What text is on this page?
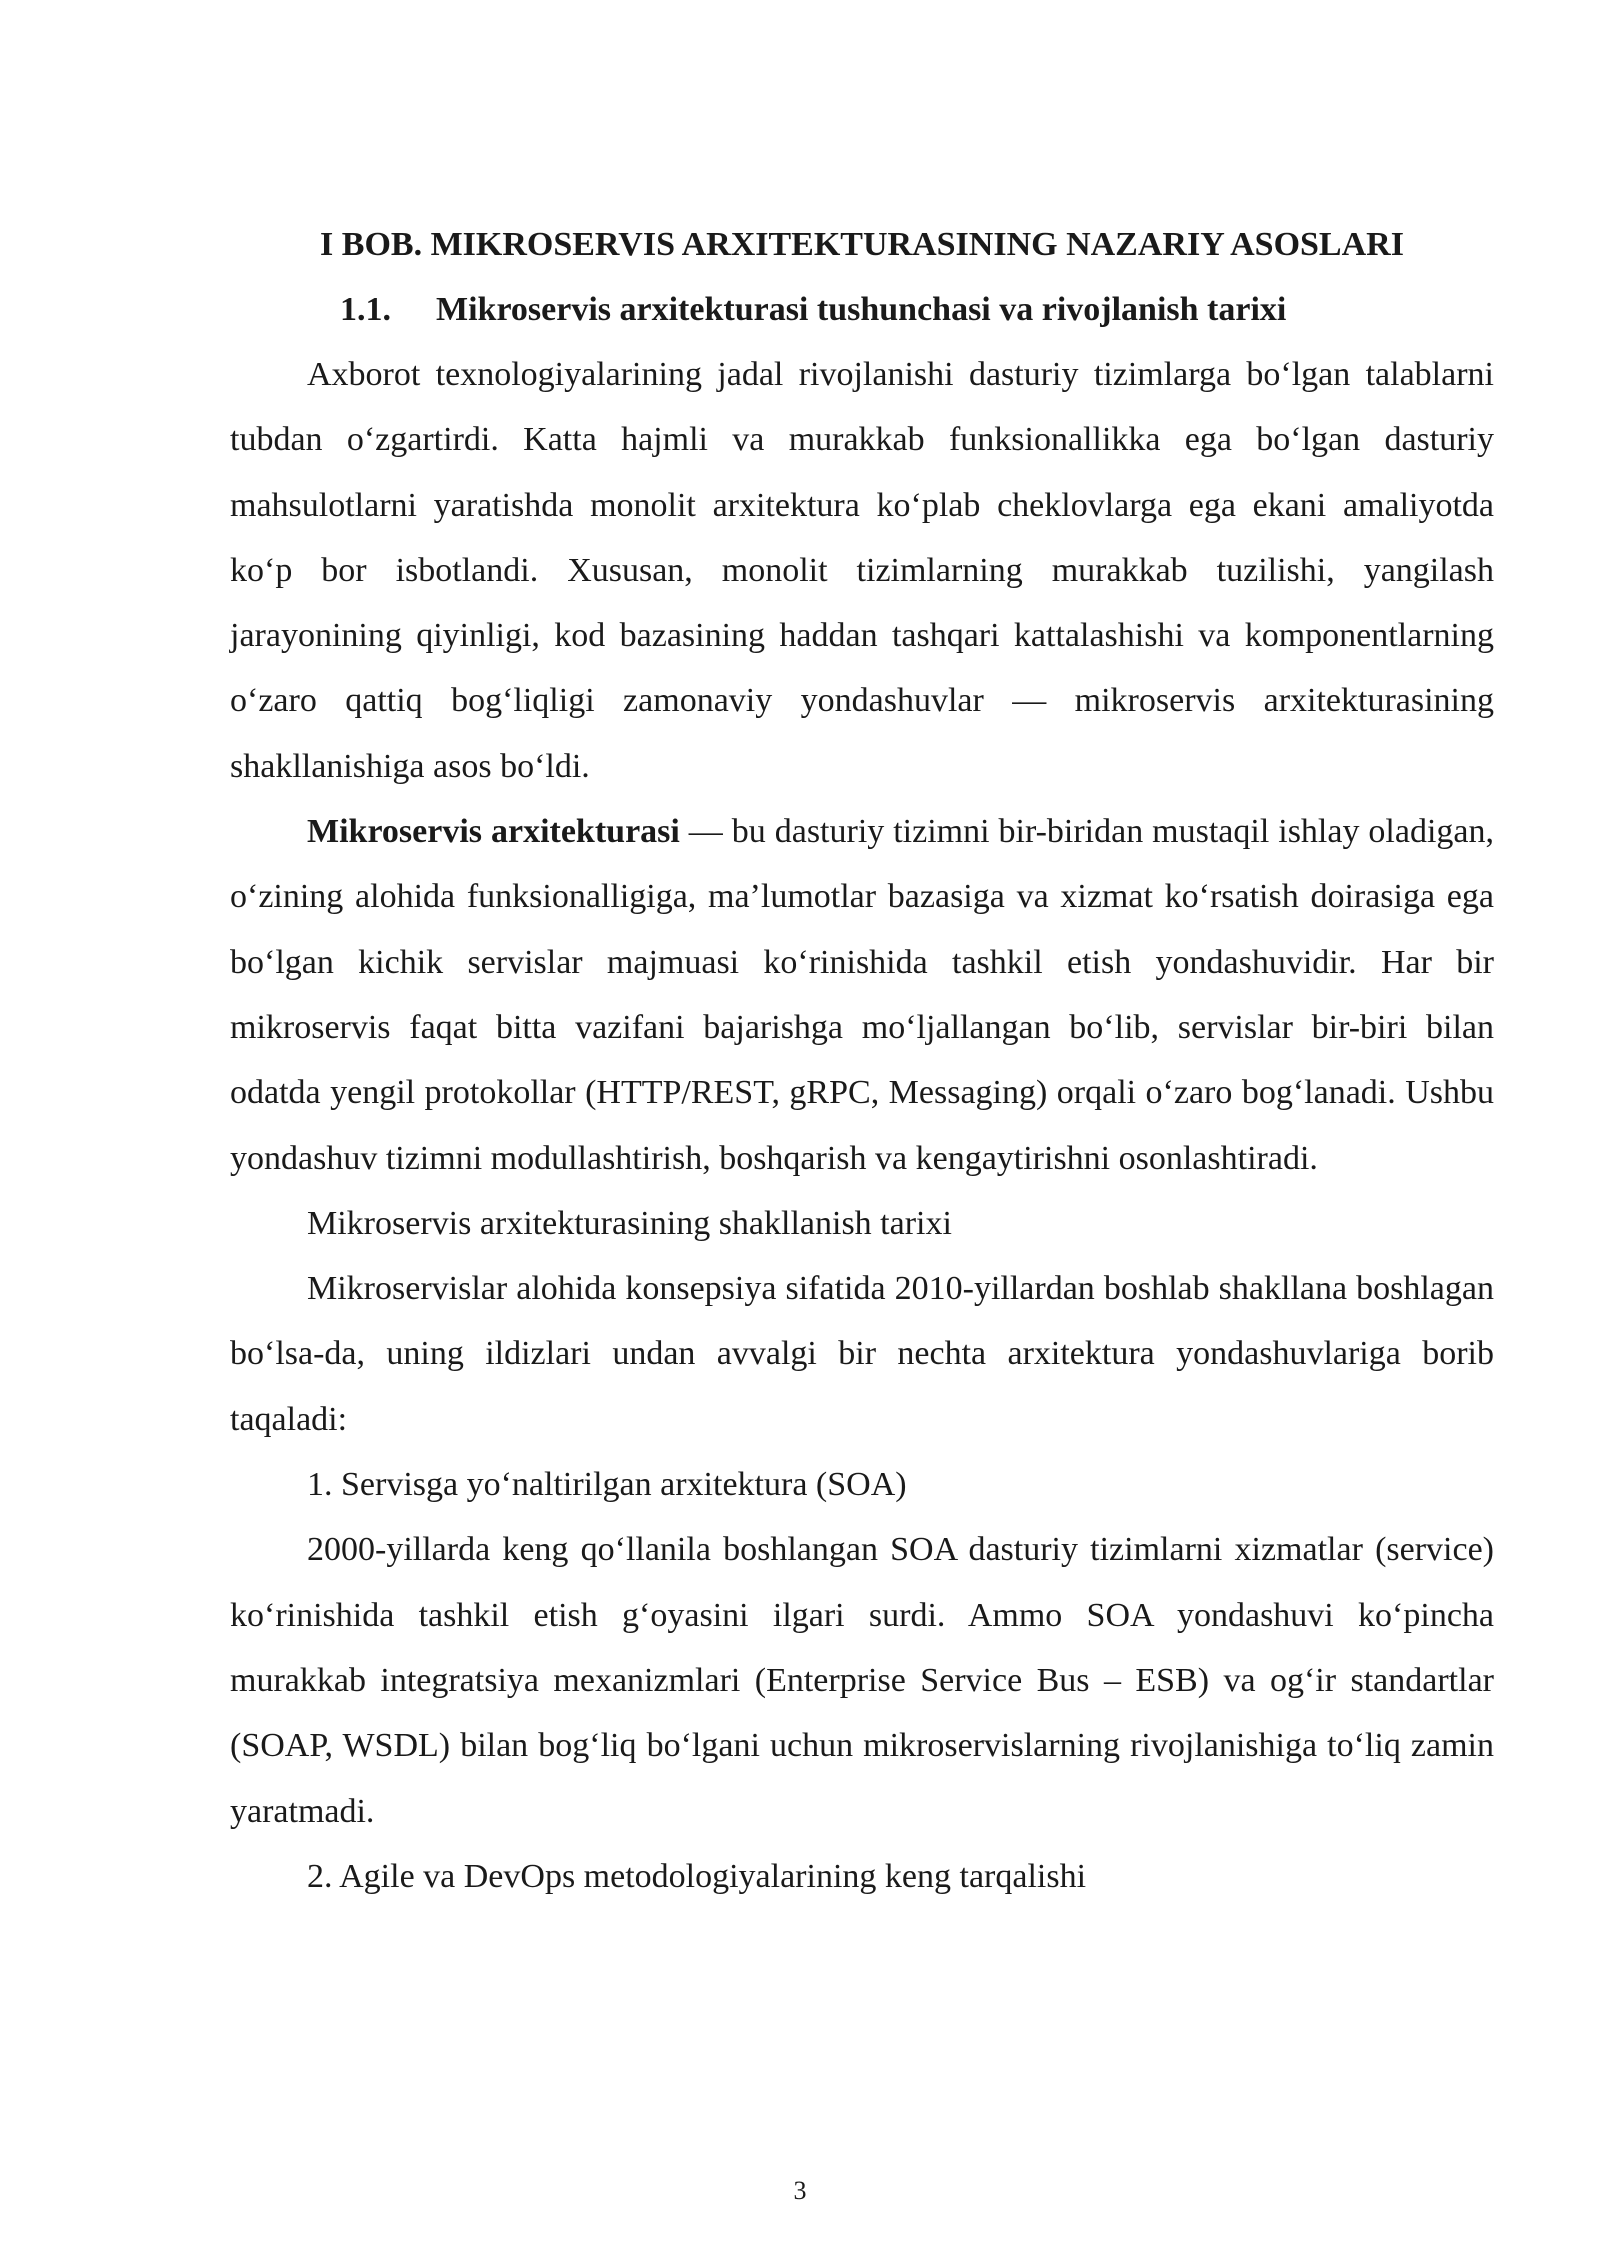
I BOB. MIKROSERVIS ARXITEKTURASINING NAZARIY ASOSLARI
1.1. Mikroservis arxitekturasi tushunchasi va rivojlanish tarixi

Axborot texnologiyalarining jadal rivojlanishi dasturiy tizimlarga bo‘lgan talablarni tubdan o‘zgartirdi. Katta hajmli va murakkab funksionallikka ega bo‘lgan dasturiy mahsulotlarni yaratishda monolit arxitektura ko‘plab cheklovlarga ega ekani amaliyotda ko‘p bor isbotlandi. Xususan, monolit tizimlarning murakkab tuzilishi, yangilash jarayonining qiyinligi, kod bazasining haddan tashqari kattalashishi va komponentlarning o‘zaro qattiq bog‘liqligi zamonaviy yondashuvlar — mikroservis arxitekturasining shakllanishiga asos bo‘ldi.

Mikroservis arxitekturasi — bu dasturiy tizimni bir-biridan mustaqil ishlay oladigan, o‘zining alohida funksionalligiga, ma’lumotlar bazasiga va xizmat ko‘rsatish doirasiga ega bo‘lgan kichik servislar majmuasi ko‘rinishida tashkil etish yondashuvidir. Har bir mikroservis faqat bitta vazifani bajarishga mo‘ljallangan bo‘lib, servislar bir-biri bilan odatda yengil protokollar (HTTP/REST, gRPC, Messaging) orqali o‘zaro bog‘lanadi. Ushbu yondashuv tizimni modullashtirish, boshqarish va kengaytirishni osonlashtiradi.

Mikroservis arxitekturasining shakllanish tarixi

Mikroservislar alohida konsepsiya sifatida 2010-yillardan boshlab shakllana boshlagan bo‘lsa-da, uning ildizlari undan avvalgi bir nechta arxitektura yondashuvlariga borib taqaladi:

1. Servisga yo‘naltirilgan arxitektura (SOA)

2000-yillarda keng qo‘llanila boshlangan SOA dasturiy tizimlarni xizmatlar (service) ko‘rinishida tashkil etish g‘oyasini ilgari surdi. Ammo SOA yondashuvi ko‘pincha murakkab integratsiya mexanizmlari (Enterprise Service Bus – ESB) va og‘ir standartlar (SOAP, WSDL) bilan bog‘liq bo‘lgani uchun mikroservislarning rivojlanishiga to‘liq zamin yaratmadi.

2. Agile va DevOps metodologiyalarining keng tarqalishi

3
